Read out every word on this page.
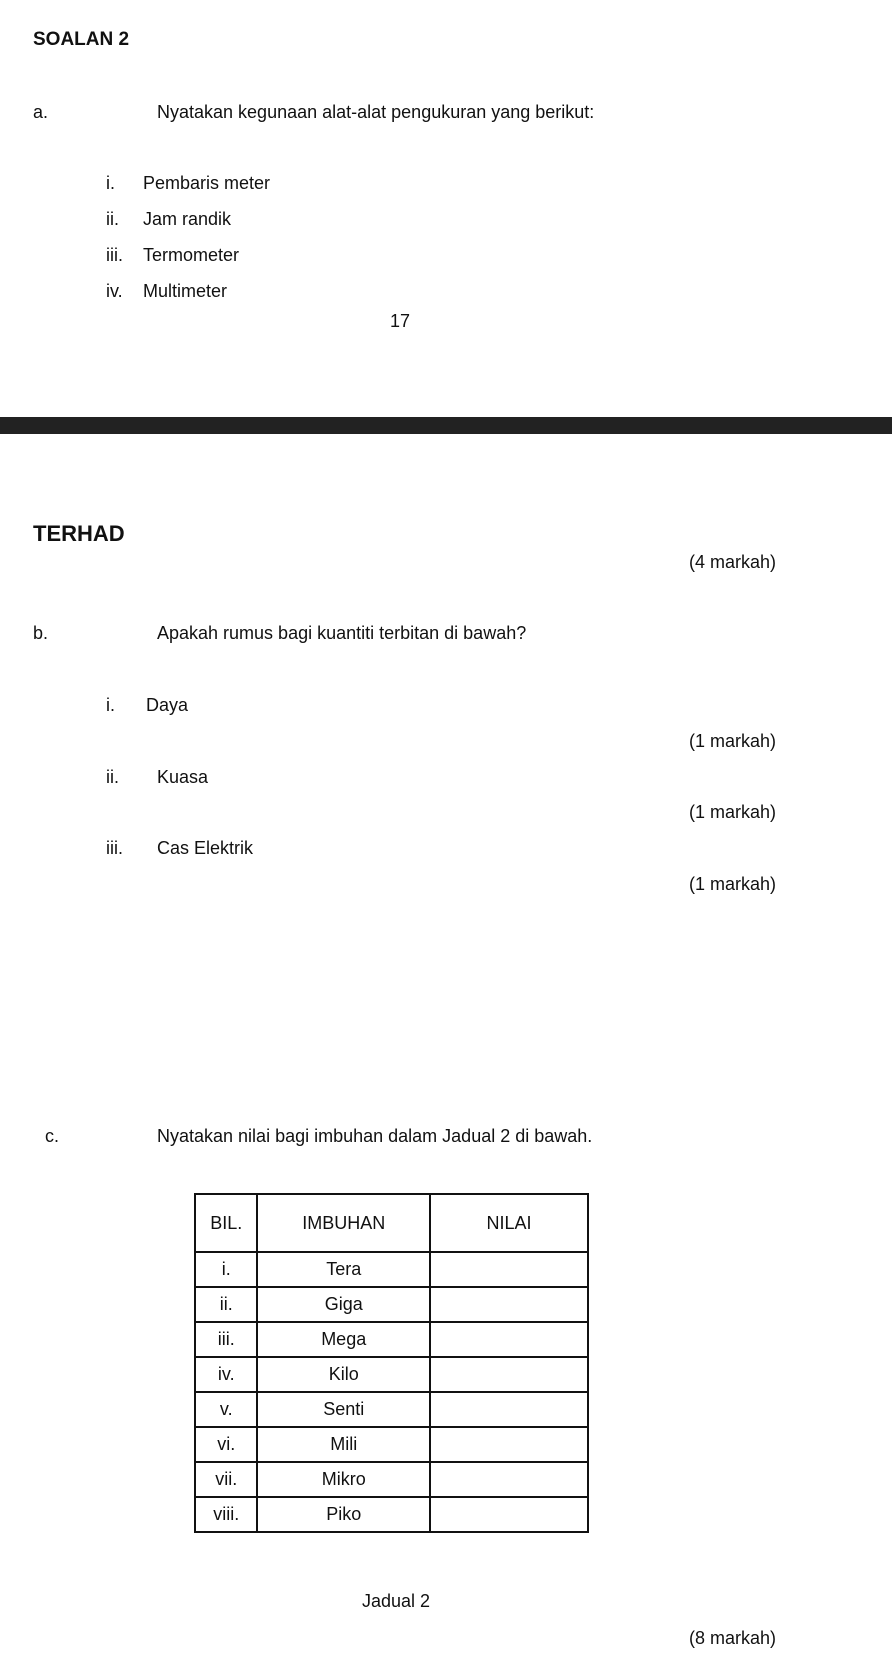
SOALAN 2
a.	Nyatakan kegunaan alat-alat pengukuran yang berikut:
i. Pembaris meter
ii. Jam randik
iii. Termometer
iv. Multimeter
17
TERHAD
(4 markah)
b.	Apakah rumus bagi kuantiti terbitan di bawah?
i. Daya
(1 markah)
ii. Kuasa
(1 markah)
iii. Cas Elektrik
(1 markah)
c.	Nyatakan nilai bagi imbuhan dalam Jadual 2 di bawah.
BIL.	IMBUHAN	NILAI
i.	Tera	
ii.	Giga	
iii.	Mega	
iv.	Kilo	
v.	Senti	
vi.	Mili	
vii.	Mikro	
viii.	Piko	
Jadual 2
(8 markah)
